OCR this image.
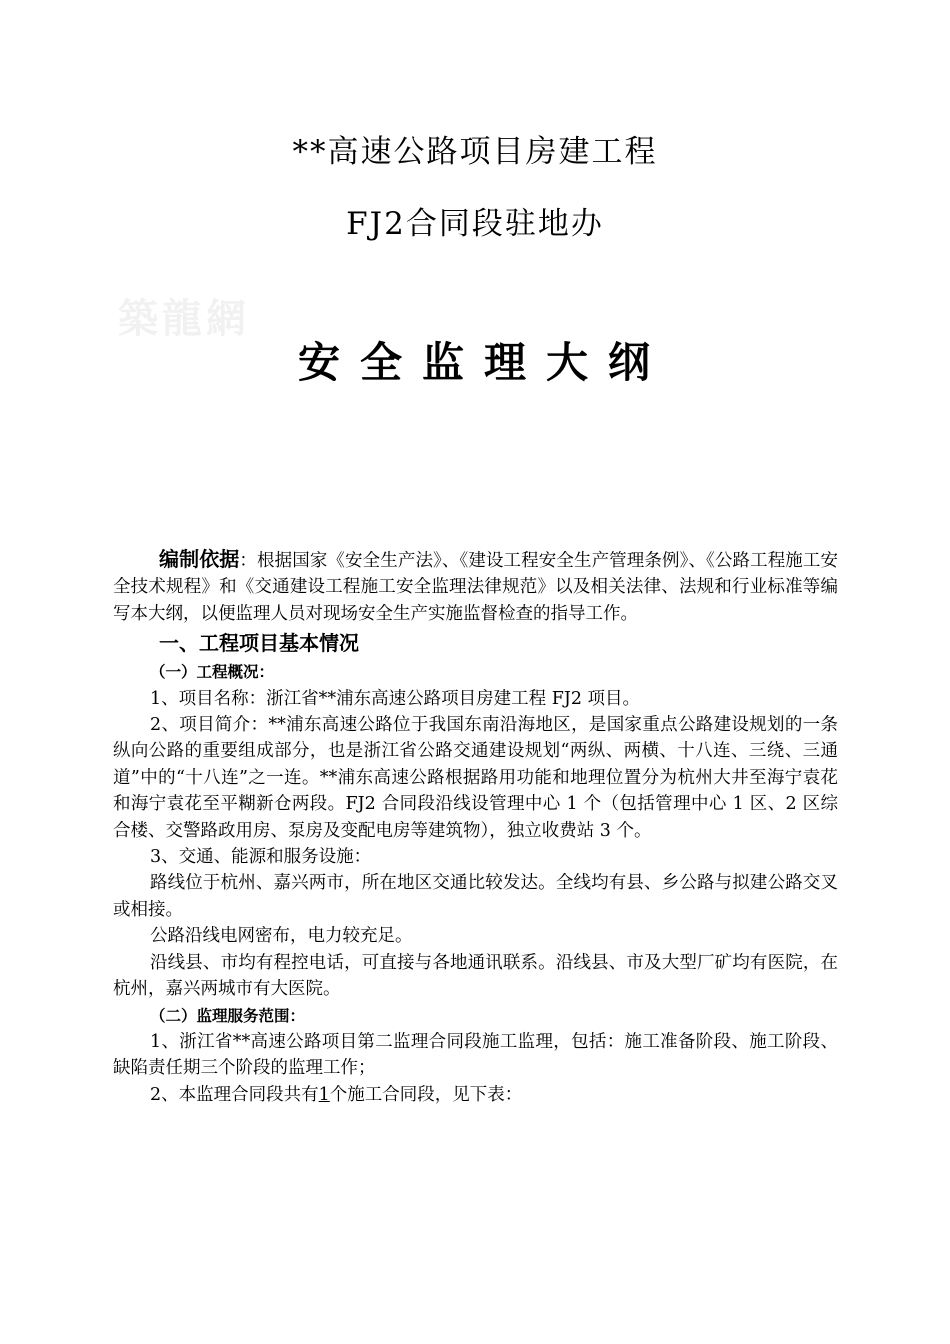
**高速公路项目房建工程
FJ2合同段驻地办
築龍網
安全监理大纲

编制依据：根据国家《安全生产法》、《建设工程安全生产管理条例》、《公路工程施工安全技术规程》和《交通建设工程施工安全监理法律规范》以及相关法律、法规和行业标准等编写本大纲，以便监理人员对现场安全生产实施监督检查的指导工作。

一、工程项目基本情况

（一）工程概况：

1、项目名称：浙江省**浦东高速公路项目房建工程 FJ2 项目。

2、项目简介：**浦东高速公路位于我国东南沿海地区，是国家重点公路建设规划的一条纵向公路的重要组成部分，也是浙江省公路交通建设规划“两纵、两横、十八连、三绕、三通道”中的“十八连”之一连。**浦东高速公路根据路用功能和地理位置分为杭州大井至海宁袁花和海宁袁花至平糊新仓两段。FJ2 合同段沿线设管理中心 1 个（包括管理中心 1 区、2 区综合楼、交警路政用房、泵房及变配电房等建筑物），独立收费站 3 个。

3、交通、能源和服务设施：

路线位于杭州、嘉兴两市，所在地区交通比较发达。全线均有县、乡公路与拟建公路交叉或相接。

公路沿线电网密布，电力较充足。

沿线县、市均有程控电话，可直接与各地通讯联系。沿线县、市及大型厂矿均有医院，在杭州，嘉兴两城市有大医院。

（二）监理服务范围：

1、浙江省**高速公路项目第二监理合同段施工监理，包括：施工准备阶段、施工阶段、缺陷责任期三个阶段的监理工作；

2、本监理合同段共有1个施工合同段，见下表：
